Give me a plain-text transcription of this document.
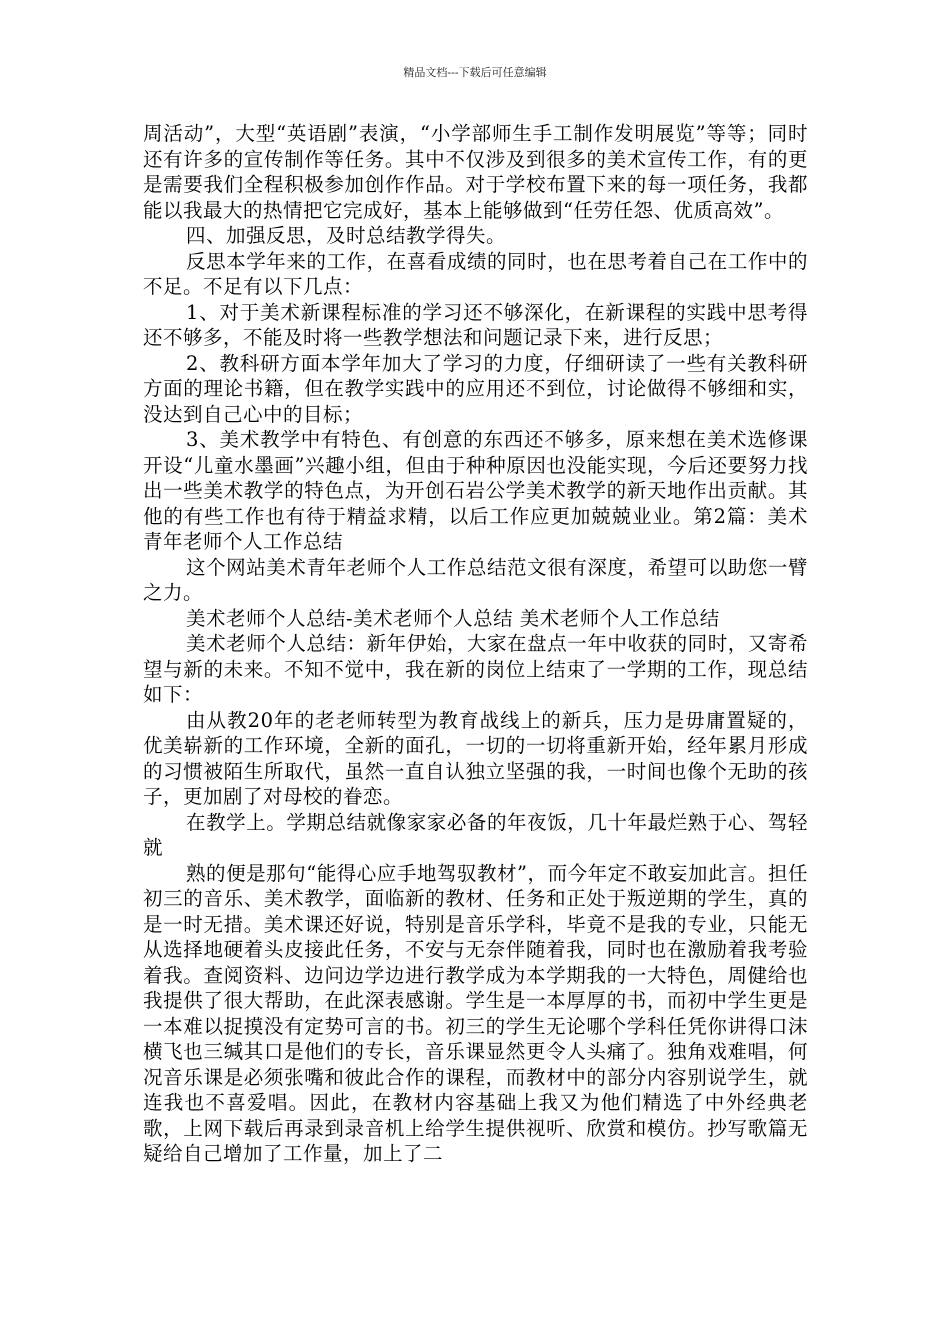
精品文档---下载后可任意编辑

周活动”，大型“英语剧”表演，“小学部师生手工制作发明展览”等等；同时还有许多的宣传制作等任务。其中不仅涉及到很多的美术宣传工作，有的更是需要我们全程积极参加创作作品。对于学校布置下来的每一项任务，我都能以我最大的热情把它完成好，基本上能够做到“任劳任怨、优质高效”。

四、加强反思，及时总结教学得失。

反思本学年来的工作，在喜看成绩的同时，也在思考着自己在工作中的不足。不足有以下几点：

1、对于美术新课程标准的学习还不够深化，在新课程的实践中思考得还不够多，不能及时将一些教学想法和问题记录下来，进行反思；

2、教科研方面本学年加大了学习的力度，仔细研读了一些有关教科研方面的理论书籍，但在教学实践中的应用还不到位，讨论做得不够细和实，没达到自己心中的目标；

3、美术教学中有特色、有创意的东西还不够多，原来想在美术选修课开设“儿童水墨画”兴趣小组，但由于种种原因也没能实现，今后还要努力找出一些美术教学的特色点，为开创石岩公学美术教学的新天地作出贡献。其他的有些工作也有待于精益求精，以后工作应更加兢兢业业。第2篇：美术青年老师个人工作总结

这个网站美术青年老师个人工作总结范文很有深度，希望可以助您一臂之力。

美术老师个人总结-美术老师个人总结 美术老师个人工作总结

美术老师个人总结：新年伊始，大家在盘点一年中收获的同时，又寄希望与新的未来。不知不觉中，我在新的岗位上结束了一学期的工作，现总结如下：

由从教20年的老老师转型为教育战线上的新兵，压力是毋庸置疑的，优美崭新的工作环境，全新的面孔，一切的一切将重新开始，经年累月形成的习惯被陌生所取代，虽然一直自认独立坚强的我，一时间也像个无助的孩子，更加剧了对母校的眷恋。

在教学上。学期总结就像家家必备的年夜饭，几十年最烂熟于心、驾轻就

熟的便是那句“能得心应手地驾驭教材”，而今年定不敢妄加此言。担任初三的音乐、美术教学，面临新的教材、任务和正处于叛逆期的学生，真的是一时无措。美术课还好说，特别是音乐学科，毕竟不是我的专业，只能无从选择地硬着头皮接此任务，不安与无奈伴随着我，同时也在激励着我考验着我。查阅资料、边问边学边进行教学成为本学期我的一大特色，周健给也我提供了很大帮助，在此深表感谢。学生是一本厚厚的书，而初中学生更是一本难以捉摸没有定势可言的书。初三的学生无论哪个学科任凭你讲得口沫横飞也三缄其口是他们的专长，音乐课显然更令人头痛了。独角戏难唱，何况音乐课是必须张嘴和彼此合作的课程，而教材中的部分内容别说学生，就连我也不喜爱唱。因此，在教材内容基础上我又为他们精选了中外经典老歌，上网下载后再录到录音机上给学生提供视听、欣赏和模仿。抄写歌篇无疑给自己增加了工作量，加上了二
